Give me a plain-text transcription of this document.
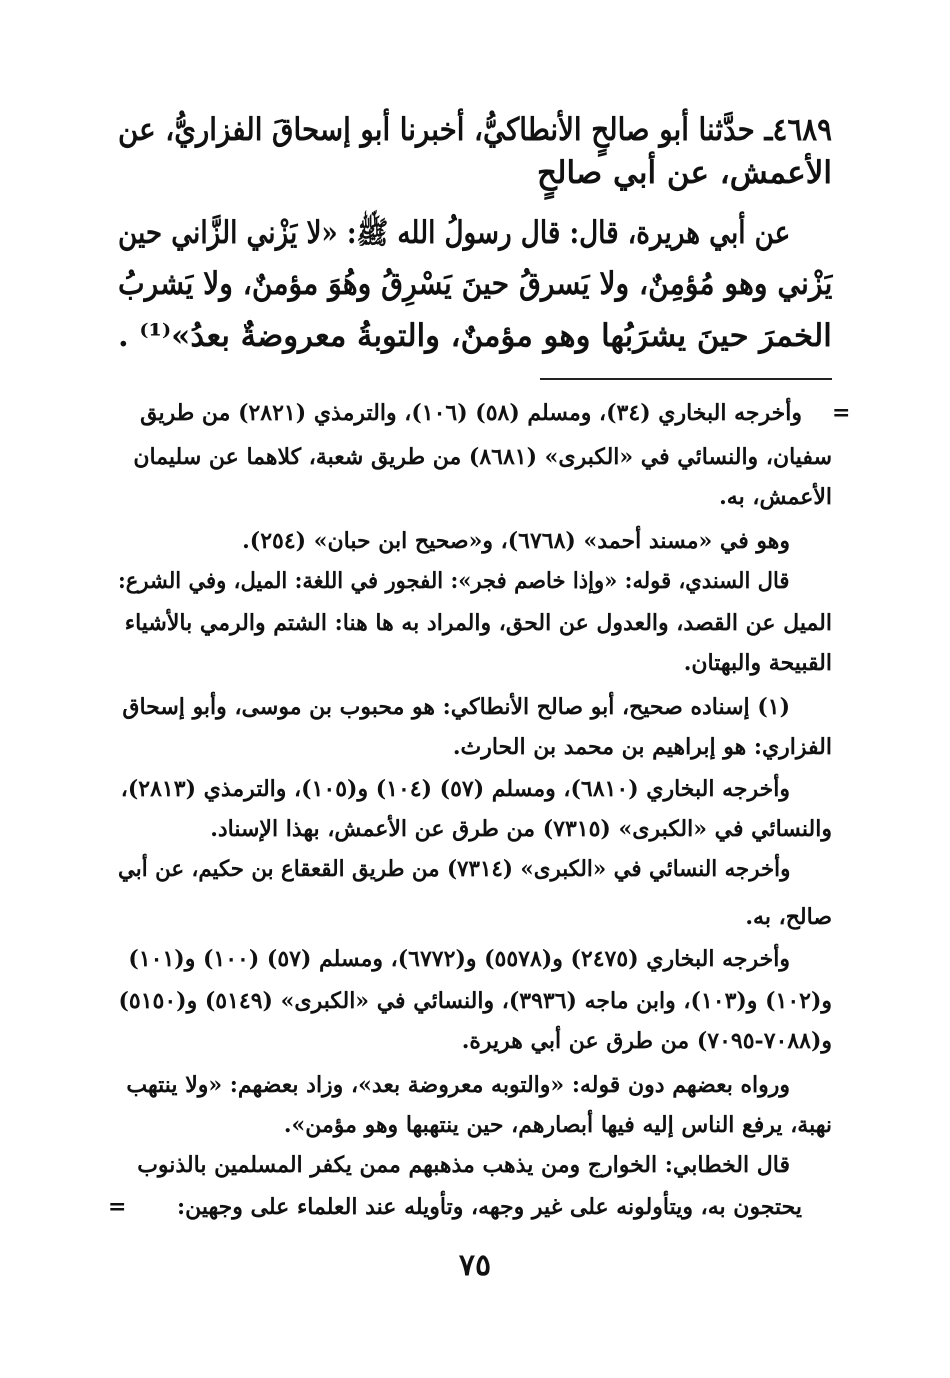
٤٦٨٩ـ حدَّثنا أبو صالحٍ الأنطاكيُّ، أخبرنا أبو إسحاقَ الفزاريُّ، عن
الأعمش، عن أبي صالحٍ
عن أبي هريرة، قال: قال رسولُ الله ﷺ: «لا يَزْني الزَّاني حين
يَزْني وهو مُؤمِنٌ، ولا يَسرقُ حينَ يَسْرِقُ وهُوَ مؤمنٌ، ولا يَشربُ
الخمرَ حينَ يشرَبُها وهو مؤمنٌ، والتوبةُ معروضةٌ بعدُ»⁽¹⁾ .
=
وأخرجه البخاري (٣٤)، ومسلم (٥٨) (١٠٦)، والترمذي (٢٨٢١) من طريق
سفيان، والنسائي في «الكبرى» (٨٦٨١) من طريق شعبة، كلاهما عن سليمان
الأعمش، به.
وهو في «مسند أحمد» (٦٧٦٨)، و«صحيح ابن حبان» (٢٥٤).
قال السندي، قوله: «وإذا خاصم فجر»: الفجور في اللغة: الميل، وفي الشرع:
الميل عن القصد، والعدول عن الحق، والمراد به ها هنا: الشتم والرمي بالأشياء
القبيحة والبهتان.
(١) إسناده صحيح، أبو صالح الأنطاكي: هو محبوب بن موسى، وأبو إسحاق
الفزاري: هو إبراهيم بن محمد بن الحارث.
وأخرجه البخاري (٦٨١٠)، ومسلم (٥٧) (١٠٤) و(١٠٥)، والترمذي (٢٨١٣)،
والنسائي في «الكبرى» (٧٣١٥) من طرق عن الأعمش، بهذا الإسناد.
وأخرجه النسائي في «الكبرى» (٧٣١٤) من طريق القعقاع بن حكيم، عن أبي
صالح، به.
وأخرجه البخاري (٢٤٧٥) و(٥٥٧٨) و(٦٧٧٢)، ومسلم (٥٧) (١٠٠) و(١٠١)
و(١٠٢) و(١٠٣)، وابن ماجه (٣٩٣٦)، والنسائي في «الكبرى» (٥١٤٩) و(٥١٥٠)
و(٧٠٨٨-٧٠٩٥) من طرق عن أبي هريرة.
ورواه بعضهم دون قوله: «والتوبه معروضة بعد»، وزاد بعضهم: «ولا ينتهب
نهبة، يرفع الناس إليه فيها أبصارهم، حين ينتهبها وهو مؤمن».
قال الخطابي: الخوارج ومن يذهب مذهبهم ممن يكفر المسلمين بالذنوب
يحتجون به، ويتأولونه على غير وجهه، وتأويله عند العلماء على وجهين:
=
٧٥
